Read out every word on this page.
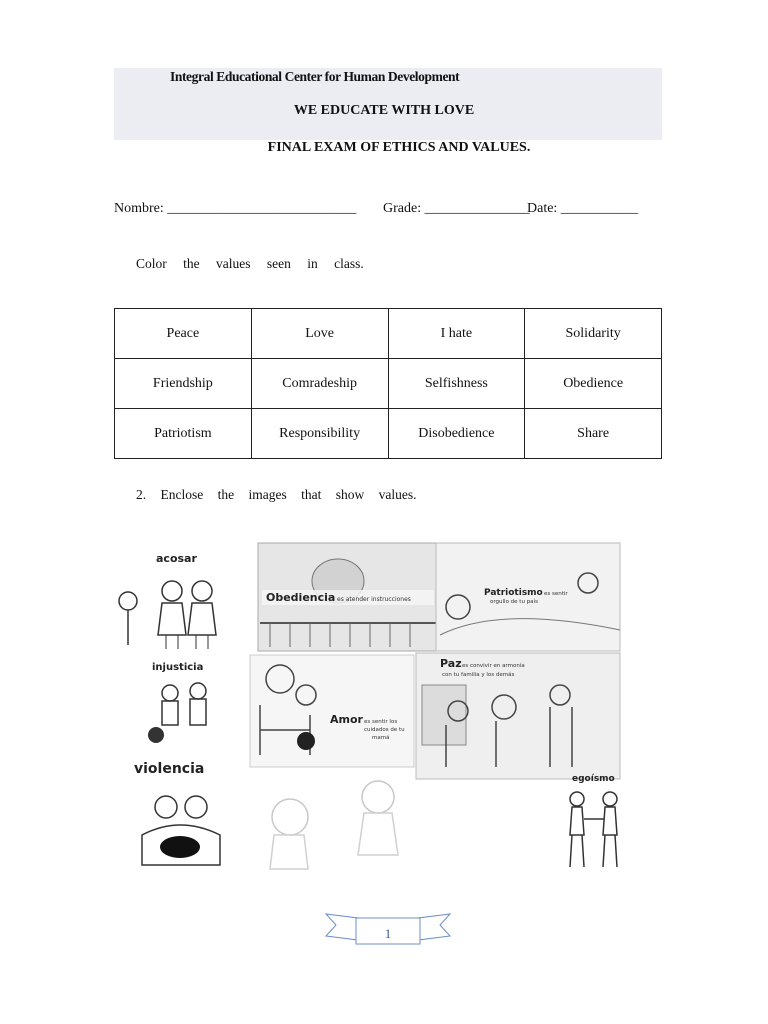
Integral Educational Center for Human Development
WE EDUCATE WITH LOVE
FINAL EXAM OF ETHICS AND VALUES.
Nombre: ___________________________ Grade: _______________
Date: ___________
Color the values seen in class.
Peace	Love	I hate	Solidarity
Friendship	Comradeship	Selfishness	Obedience
Patriotism	Responsibility	Disobedience	Share
2. Enclose the images that show values.
acosar
Obediencia es atender instrucciones
Patriotismo es sentir
orgullo de tu país
injusticia
Amor es sentir los
cuidados de tu
mamá
Paz es convivir en armonía
con tu familia y los demás
violencia
egoísmo
1
